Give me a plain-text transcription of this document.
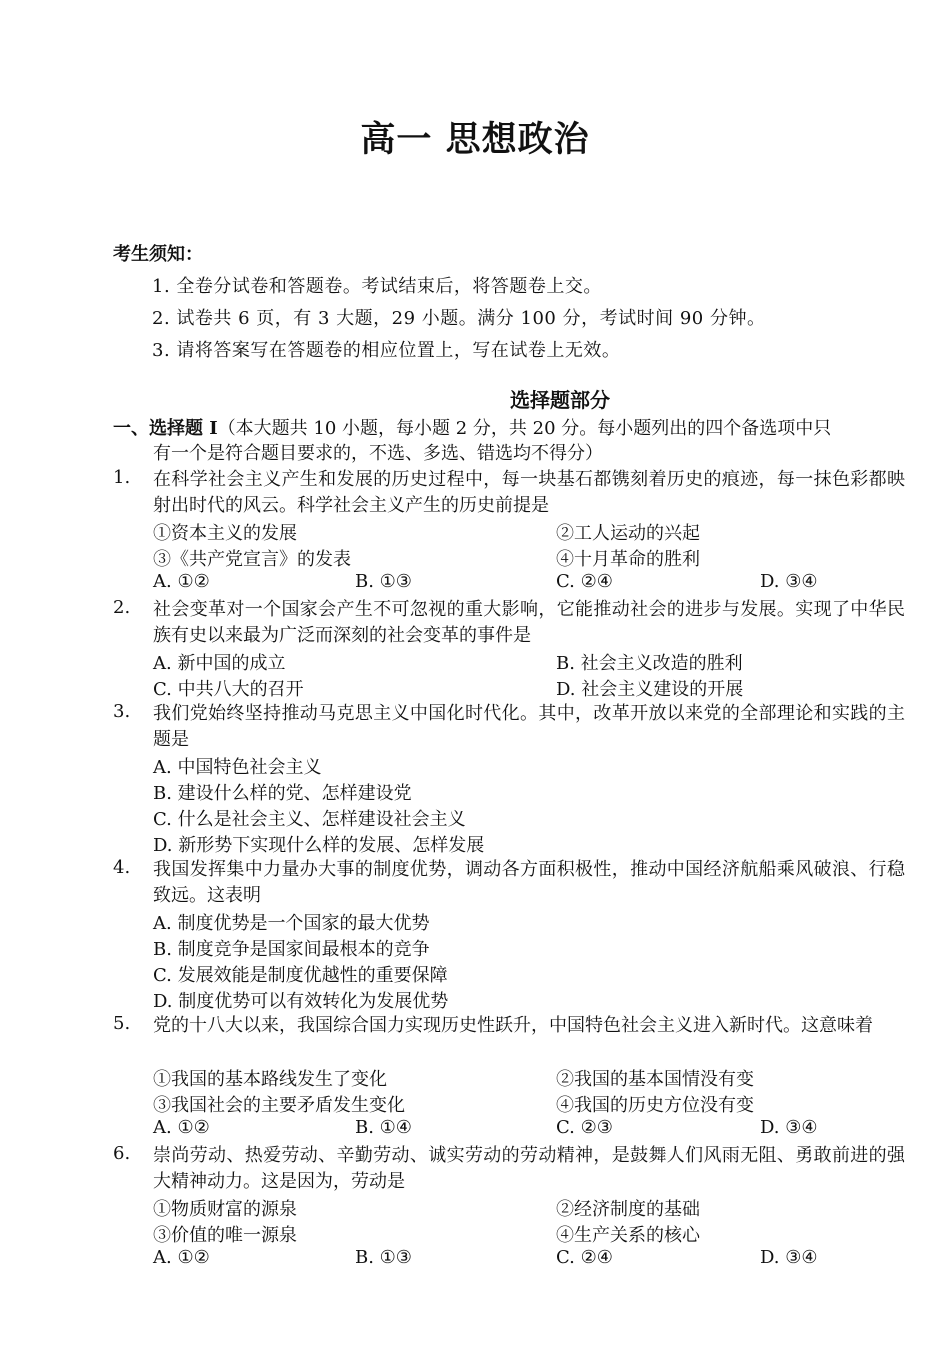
高一 思想政治
考生须知：
1. 全卷分试卷和答题卷。考试结束后，将答题卷上交。
2. 试卷共 6 页，有 3 大题，29 小题。满分 100 分，考试时间 90 分钟。
3. 请将答案写在答题卷的相应位置上，写在试卷上无效。
选择题部分
一、选择题 I（本大题共 10 小题，每小题 2 分，共 20 分。每小题列出的四个备选项中只
有一个是符合题目要求的，不选、多选、错选均不得分）
1. 在科学社会主义产生和发展的历史过程中，每一块基石都镌刻着历史的痕迹，每一抹色彩都映射出时代的风云。科学社会主义产生的历史前提是
①资本主义的发展	②工人运动的兴起
③《共产党宣言》的发表	④十月革命的胜利
A. ①②	B. ①③	C. ②④	D. ③④
2. 社会变革对一个国家会产生不可忽视的重大影响，它能推动社会的进步与发展。实现了中华民族有史以来最为广泛而深刻的社会变革的事件是
A. 新中国的成立	B. 社会主义改造的胜利
C. 中共八大的召开	D. 社会主义建设的开展
3. 我们党始终坚持推动马克思主义中国化时代化。其中，改革开放以来党的全部理论和实践的主题是
A. 中国特色社会主义
B. 建设什么样的党、怎样建设党
C. 什么是社会主义、怎样建设社会主义
D. 新形势下实现什么样的发展、怎样发展
4. 我国发挥集中力量办大事的制度优势，调动各方面积极性，推动中国经济航船乘风破浪、行稳致远。这表明
A. 制度优势是一个国家的最大优势
B. 制度竞争是国家间最根本的竞争
C. 发展效能是制度优越性的重要保障
D. 制度优势可以有效转化为发展优势
5. 党的十八大以来，我国综合国力实现历史性跃升，中国特色社会主义进入新时代。这意味着
①我国的基本路线发生了变化	②我国的基本国情没有变
③我国社会的主要矛盾发生变化	④我国的历史方位没有变
A. ①②	B. ①④	C. ②③	D. ③④
6. 崇尚劳动、热爱劳动、辛勤劳动、诚实劳动的劳动精神，是鼓舞人们风雨无阻、勇敢前进的强大精神动力。这是因为，劳动是
①物质财富的源泉	②经济制度的基础
③价值的唯一源泉	④生产关系的核心
A. ①②	B. ①③	C. ②④	D. ③④
